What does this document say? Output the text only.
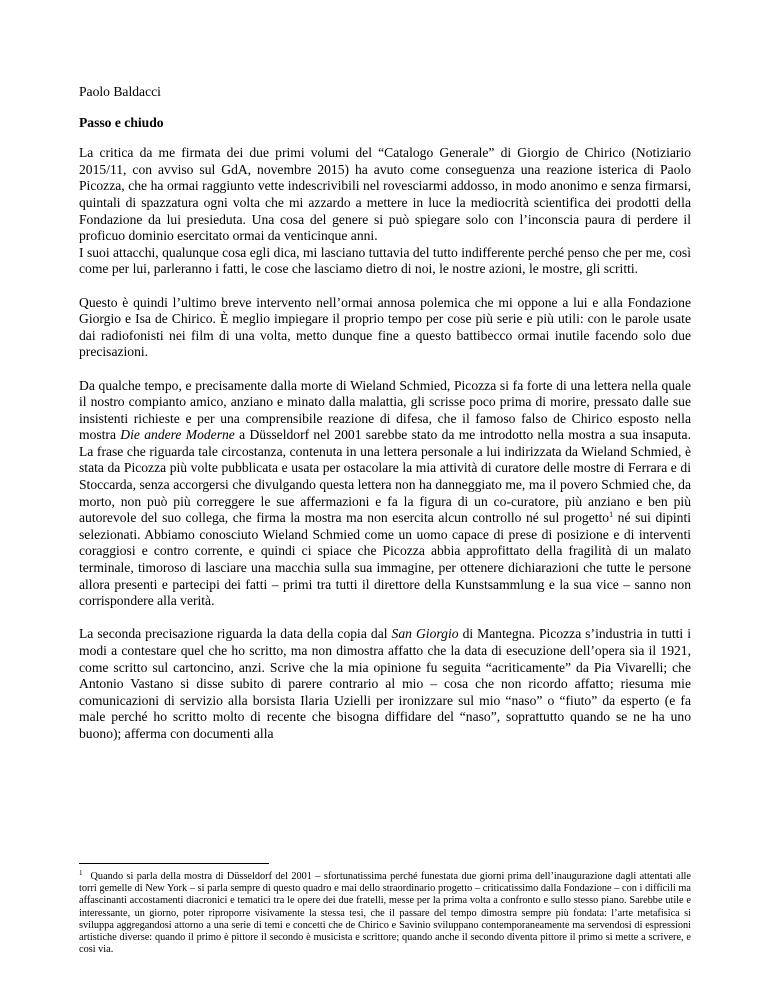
Paolo Baldacci
Passo e chiudo

La critica da me firmata dei due primi volumi del “Catalogo Generale” di Giorgio de Chirico (Notiziario 2015/11, con avviso sul GdA, novembre 2015) ha avuto come conseguenza una reazione isterica di Paolo Picozza, che ha ormai raggiunto vette indescrivibili nel rovesciarmi addosso, in modo anonimo e senza firmarsi, quintali di spazzatura ogni volta che mi azzardo a mettere in luce la mediocrità scientifica dei prodotti della Fondazione da lui presieduta. Una cosa del genere si può spiegare solo con l’inconscia paura di perdere il proficuo dominio esercitato ormai da venticinque anni.

I suoi attacchi, qualunque cosa egli dica, mi lasciano tuttavia del tutto indifferente perché penso che per me, così come per lui, parleranno i fatti, le cose che lasciamo dietro di noi, le nostre azioni, le mostre, gli scritti.

Questo è quindi l’ultimo breve intervento nell’ormai annosa polemica che mi oppone a lui e alla Fondazione Giorgio e Isa de Chirico. È meglio impiegare il proprio tempo per cose più serie e più utili: con le parole usate dai radiofonisti nei film di una volta, metto dunque fine a questo battibecco ormai inutile facendo solo due precisazioni.

Da qualche tempo, e precisamente dalla morte di Wieland Schmied, Picozza si fa forte di una lettera nella quale il nostro compianto amico, anziano e minato dalla malattia, gli scrisse poco prima di morire, pressato dalle sue insistenti richieste e per una comprensibile reazione di difesa, che il famoso falso de Chirico esposto nella mostra Die andere Moderne a Düsseldorf nel 2001 sarebbe stato da me introdotto nella mostra a sua insaputa. La frase che riguarda tale circostanza, contenuta in una lettera personale a lui indirizzata da Wieland Schmied, è stata da Picozza più volte pubblicata e usata per ostacolare la mia attività di curatore delle mostre di Ferrara e di Stoccarda, senza accorgersi che divulgando questa lettera non ha danneggiato me, ma il povero Schmied che, da morto, non può più correggere le sue affermazioni e fa la figura di un co-curatore, più anziano e ben più autorevole del suo collega, che firma la mostra ma non esercita alcun controllo né sul progetto$^1$ né sui dipinti selezionati. Abbiamo conosciuto Wieland Schmied come un uomo capace di prese di posizione e di interventi coraggiosi e contro corrente, e quindi ci spiace che Picozza abbia approfittato della fragilità di un malato terminale, timoroso di lasciare una macchia sulla sua immagine, per ottenere dichiarazioni che tutte le persone allora presenti e partecipi dei fatti – primi tra tutti il direttore della Kunstsammlung e la sua vice – sanno non corrispondere alla verità.

La seconda precisazione riguarda la data della copia dal San Giorgio di Mantegna. Picozza s’industria in tutti i modi a contestare quel che ho scritto, ma non dimostra affatto che la data di esecuzione dell’opera sia il 1921, come scritto sul cartoncino, anzi. Scrive che la mia opinione fu seguita “acriticamente” da Pia Vivarelli; che Antonio Vastano si disse subito di parere contrario al mio – cosa che non ricordo affatto; riesuma mie comunicazioni di servizio alla borsista Ilaria Uzielli per ironizzare sul mio “naso” o “fiuto” da esperto (e fa male perché ho scritto molto di recente che bisogna diffidare del “naso”, soprattutto quando se ne ha uno buono); afferma con documenti alla

$^1$ Quando si parla della mostra di Düsseldorf del 2001 – sfortunatissima perché funestata due giorni prima dell’inaugurazione dagli attentati alle torri gemelle di New York – si parla sempre di questo quadro e mai dello straordinario progetto – criticatissimo dalla Fondazione – con i difficili ma affascinanti accostamenti diacronici e tematici tra le opere dei due fratelli, messe per la prima volta a confronto e sullo stesso piano. Sarebbe utile e interessante, un giorno, poter riproporre visivamente la stessa tesi, che il passare del tempo dimostra sempre più fondata: l’arte metafisica si sviluppa aggregandosi attorno a una serie di temi e concetti che de Chirico e Savinio sviluppano contemporaneamente ma servendosi di espressioni artistiche diverse: quando il primo è pittore il secondo è musicista e scrittore; quando anche il secondo diventa pittore il primo si mette a scrivere, e così via.
